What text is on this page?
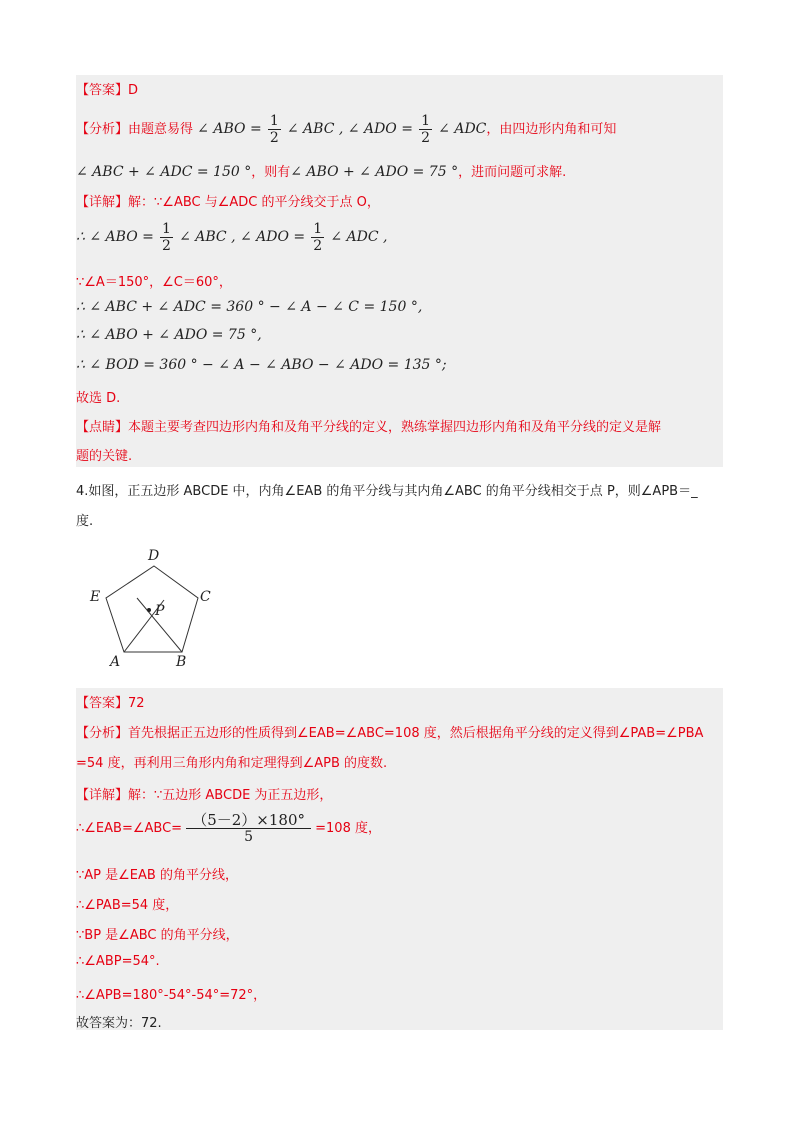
【答案】D
【分析】由题意易得 ∠ ABO = $\frac{1}{2}$ ∠ ABC , ∠ ADO = $\frac{1}{2}$ ∠ ADC，由四边形内角和可知
∠ ABC + ∠ ADC = 150 °，则有∠ ABO + ∠ ADO = 75 °，进而问题可求解.
【详解】解：∵∠ABC 与∠ADC 的平分线交于点 O，
∴ ∠ ABO = $\frac{1}{2}$ ∠ ABC , ∠ ADO = $\frac{1}{2}$ ∠ ADC ,
∵∠A＝150°，∠C＝60°，
∴ ∠ ABC + ∠ ADC = 360 ° − ∠ A − ∠ C = 150 °,
∴ ∠ ABO + ∠ ADO = 75 °,
∴ ∠ BOD = 360 ° − ∠ A − ∠ ABO − ∠ ADO = 135 °;
故选 D.
【点睛】本题主要考查四边形内角和及角平分线的定义，熟练掌握四边形内角和及角平分线的定义是解
题的关键.
4.如图，正五边形 ABCDE 中，内角∠EAB 的角平分线与其内角∠ABC 的角平分线相交于点 P，则∠APB＝_
度.
D
E	C
P
A	B
【答案】72
【分析】首先根据正五边形的性质得到∠EAB=∠ABC=108 度，然后根据角平分线的定义得到∠PAB=∠PBA
=54 度，再利用三角形内角和定理得到∠APB 的度数.
【详解】解：∵五边形 ABCDE 为正五边形，
∴∠EAB=∠ABC= $\frac{(5-2)\times 180^\circ}{5} =108$ 度，
∵AP 是∠EAB 的角平分线，
∴∠PAB=54 度，
∵BP 是∠ABC 的角平分线，
∴∠ABP=54°.
∴∠APB=180°-54°-54°=72°，
故答案为：72.
